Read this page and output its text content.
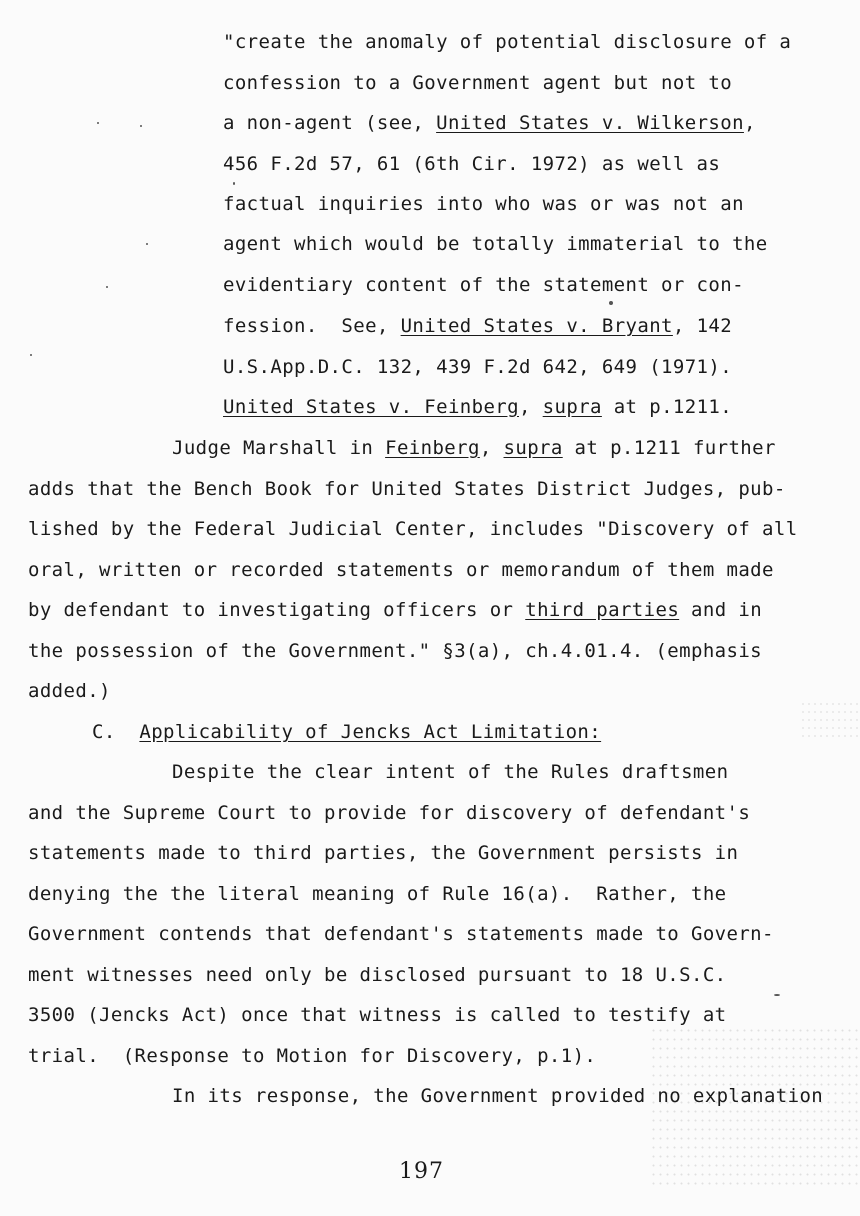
"create the anomaly of potential disclosure of a
confession to a Government agent but not to
a non-agent (see, United States v. Wilkerson,
456 F.2d 57, 61 (6th Cir. 1972) as well as
factual inquiries into who was or was not an
agent which would be totally immaterial to the
evidentiary content of the statement or con-
fession.  See, United States v. Bryant, 142
U.S.App.D.C. 132, 439 F.2d 642, 649 (1971).
United States v. Feinberg, supra at p.1211.
Judge Marshall in Feinberg, supra at p.1211 further
adds that the Bench Book for United States District Judges, pub-
lished by the Federal Judicial Center, includes "Discovery of all
oral, written or recorded statements or memorandum of them made
by defendant to investigating officers or third parties and in
the possession of the Government." §3(a), ch.4.01.4. (emphasis
added.)
C. Applicability of Jencks Act Limitation:
Despite the clear intent of the Rules draftsmen
and the Supreme Court to provide for discovery of defendant's
statements made to third parties, the Government persists in
denying the the literal meaning of Rule 16(a).  Rather, the
Government contends that defendant's statements made to Govern-
ment witnesses need only be disclosed pursuant to 18 U.S.C.
3500 (Jencks Act) once that witness is called to testify at
trial.  (Response to Motion for Discovery, p.1).
In its response, the Government provided no explanation
197
